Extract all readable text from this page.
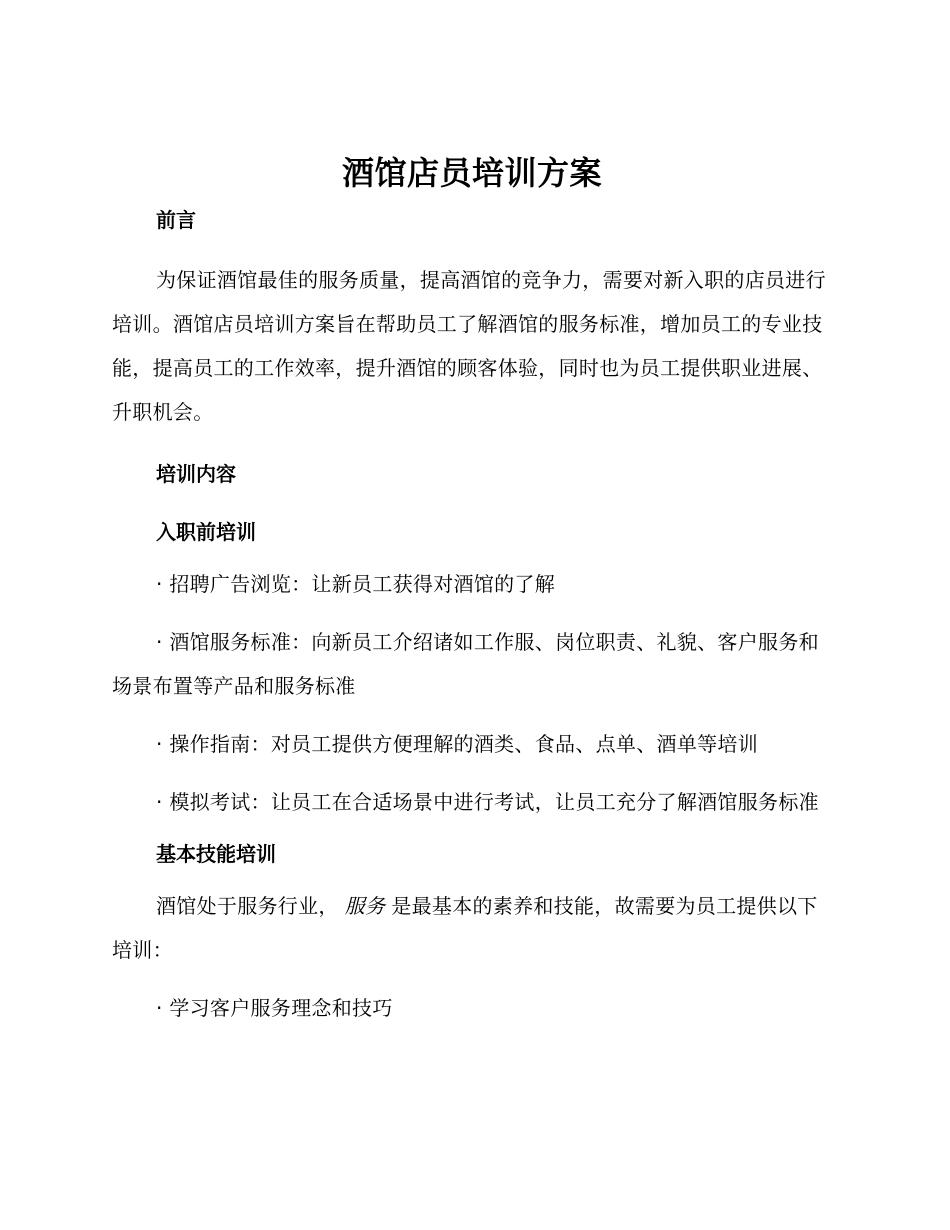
酒馆店员培训方案

前言

为保证酒馆最佳的服务质量，提高酒馆的竞争力，需要对新入职的店员进行培训。酒馆店员培训方案旨在帮助员工了解酒馆的服务标准，增加员工的专业技能，提高员工的工作效率，提升酒馆的顾客体验，同时也为员工提供职业进展、升职机会。

培训内容

入职前培训

· 招聘广告浏览：让新员工获得对酒馆的了解

· 酒馆服务标准：向新员工介绍诸如工作服、岗位职责、礼貌、客户服务和场景布置等产品和服务标准

· 操作指南：对员工提供方便理解的酒类、食品、点单、酒单等培训

· 模拟考试：让员工在合适场景中进行考试，让员工充分了解酒馆服务标准

基本技能培训

酒馆处于服务行业， 服务 是最基本的素养和技能，故需要为员工提供以下培训：

· 学习客户服务理念和技巧
